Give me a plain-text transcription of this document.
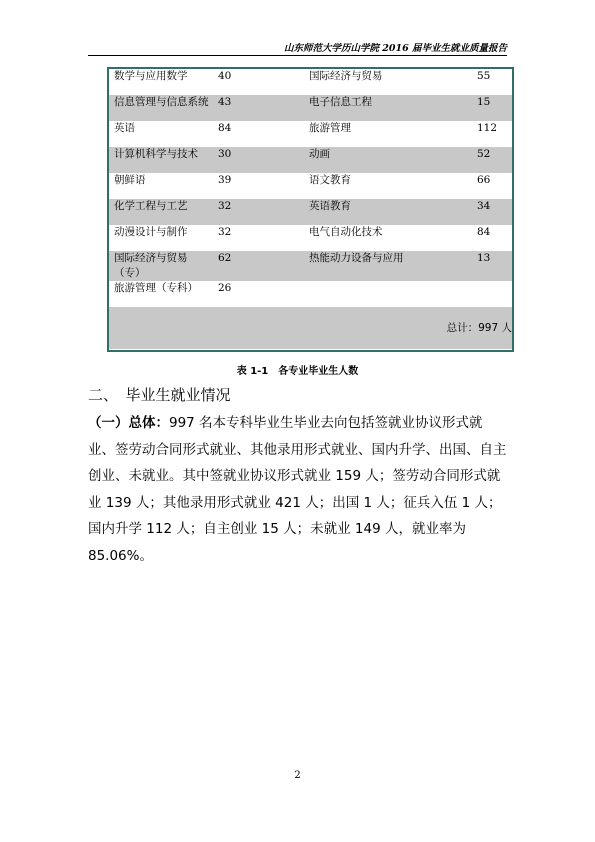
山东师范大学历山学院 2016 届毕业生就业质量报告
数学与应用数学	40	国际经济与贸易	55
信息管理与信息系统	43	电子信息工程	15
英语	84	旅游管理	112
计算机科学与技术	30	动画	52
朝鲜语	39	语文教育	66
化学工程与工艺	32	英语教育	34
动漫设计与制作	32	电气自动化技术	84
国际经济与贸易（专）	62	热能动力设备与应用	13
旅游管理（专科）	26		
总计：997 人			
表 1-1　各专业毕业生人数
二、　毕业生就业情况
（一）总体：997 名本专科毕业生毕业去向包括签就业协议形式就业、签劳动合同形式就业、其他录用形式就业、国内升学、出国、自主创业、未就业。其中签就业协议形式就业 159 人；签劳动合同形式就业 139 人；其他录用形式就业 421 人；出国 1 人；征兵入伍 1 人；国内升学 112 人；自主创业 15 人；未就业 149 人，就业率为 85.06%。
2
